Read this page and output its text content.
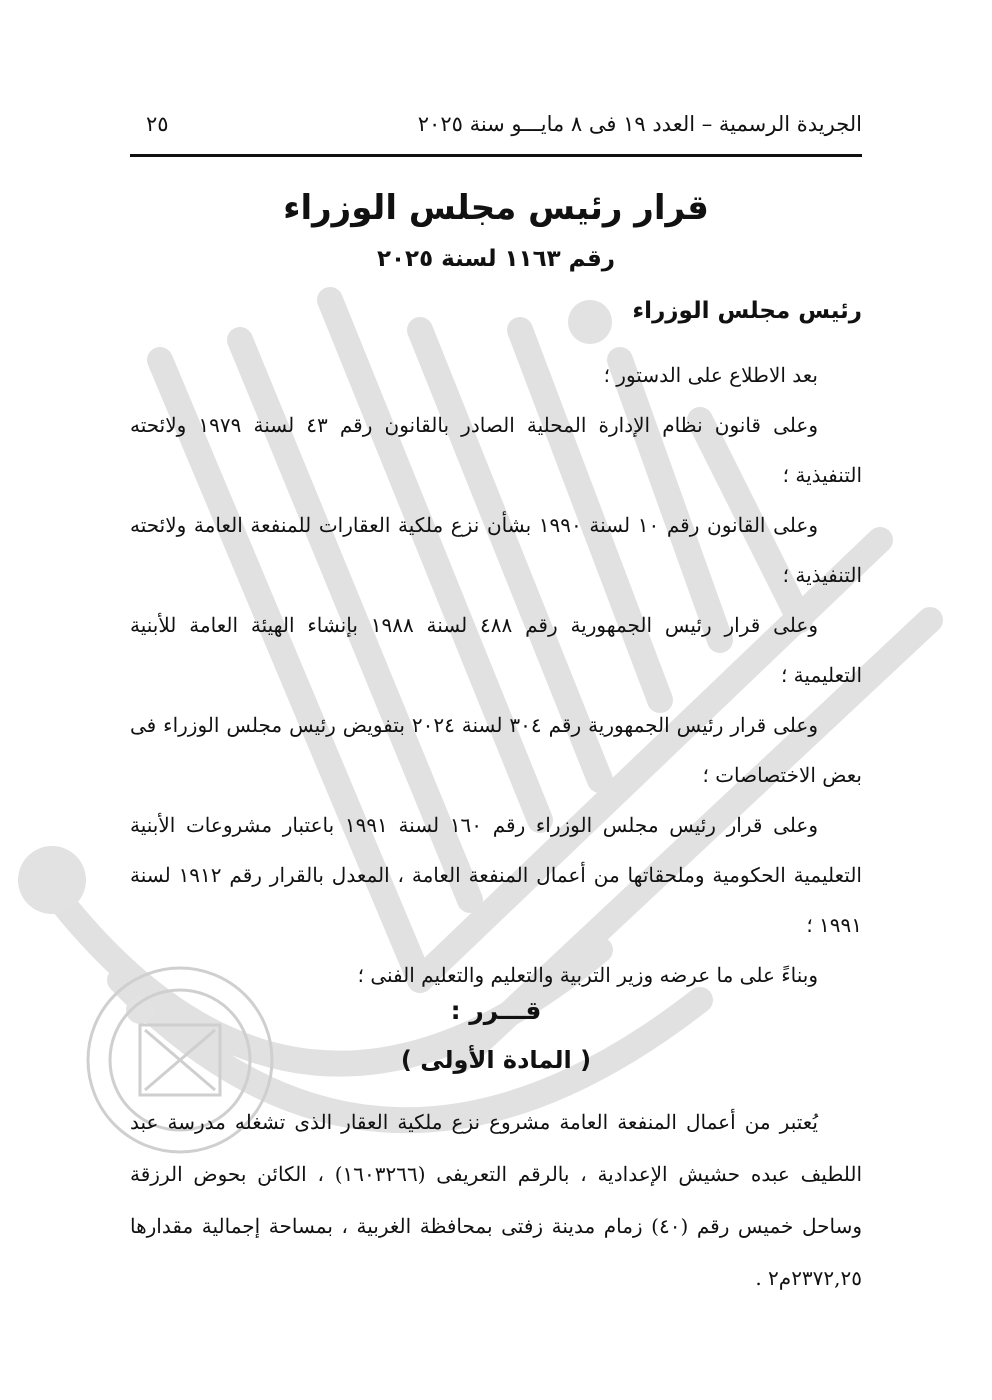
الجريدة الرسمية – العدد ١٩ فى ٨ مايـــو سنة ٢٠٢٥
٢٥
قرار رئيس مجلس الوزراء
رقم ١١٦٣ لسنة ٢٠٢٥
رئيس مجلس الوزراء

بعد الاطلاع على الدستور ؛

وعلى قانون نظام الإدارة المحلية الصادر بالقانون رقم ٤٣ لسنة ١٩٧٩ ولائحته التنفيذية ؛

وعلى القانون رقم ١٠ لسنة ١٩٩٠ بشأن نزع ملكية العقارات للمنفعة العامة ولائحته التنفيذية ؛

وعلى قرار رئيس الجمهورية رقم ٤٨٨ لسنة ١٩٨٨ بإنشاء الهيئة العامة للأبنية التعليمية ؛

وعلى قرار رئيس الجمهورية رقم ٣٠٤ لسنة ٢٠٢٤ بتفويض رئيس مجلس الوزراء فى بعض الاختصاصات ؛

وعلى قرار رئيس مجلس الوزراء رقم ١٦٠ لسنة ١٩٩١ باعتبار مشروعات الأبنية التعليمية الحكومية وملحقاتها من أعمال المنفعة العامة ، المعدل بالقرار رقم ١٩١٢ لسنة ١٩٩١ ؛

وبناءً على ما عرضه وزير التربية والتعليم والتعليم الفنى ؛

قـــرر :
( المادة الأولى )

يُعتبر من أعمال المنفعة العامة مشروع نزع ملكية العقار الذى تشغله مدرسة عبد اللطيف عبده حشيش الإعدادية ، بالرقم التعريفى (١٦٠٣٢٦٦) ، الكائن بحوض الرزقة وساحل خميس رقم (٤٠) زمام مدينة زفتى بمحافظة الغربية ، بمساحة إجمالية مقدارها ٢٣٧٢,٢٥م٢ .
